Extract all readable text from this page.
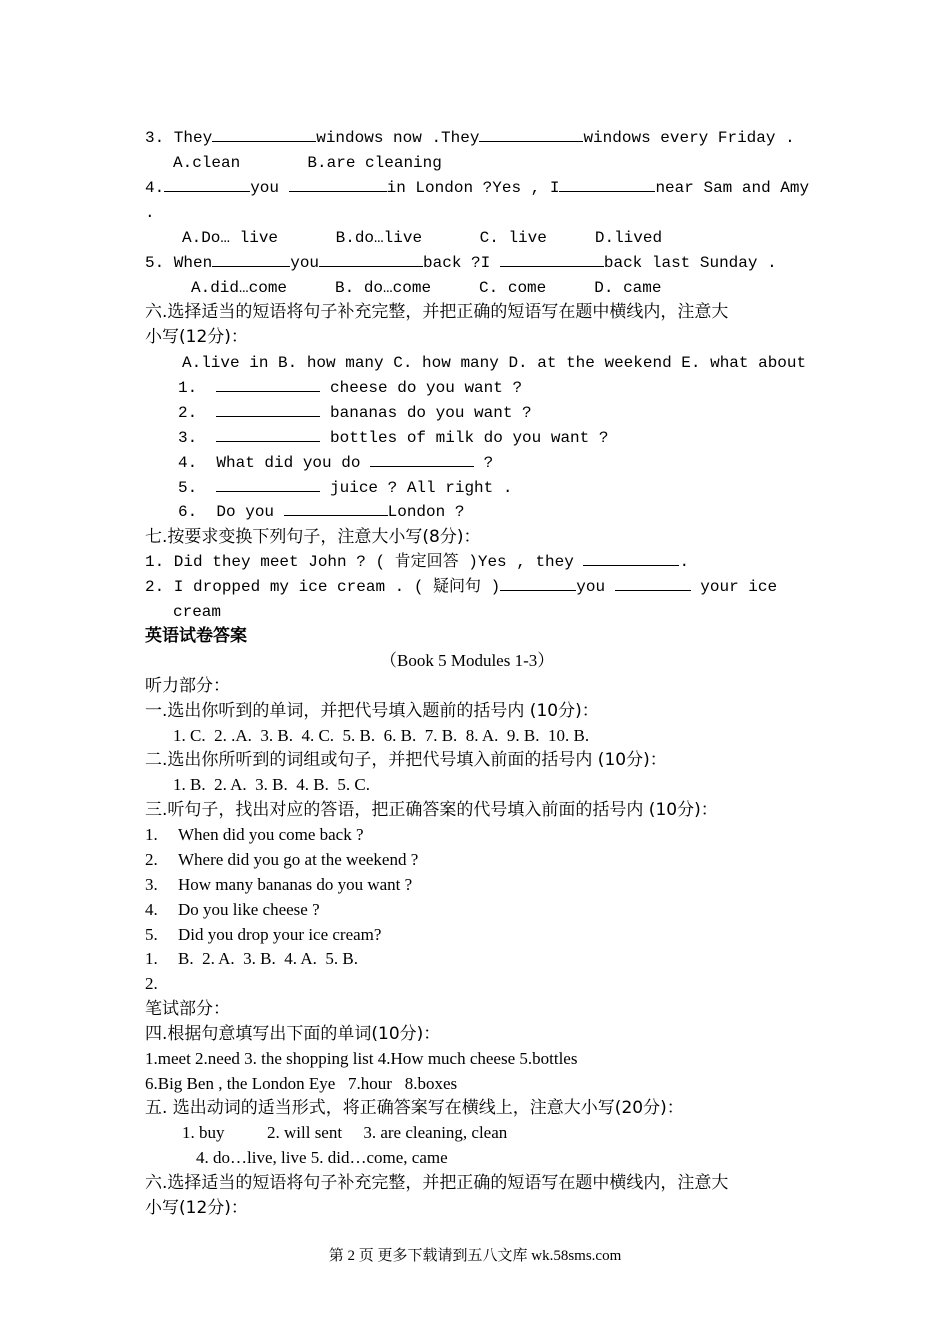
3. They	windows now .They	windows every Friday .
A.clean       B.are cleaning
4.	you	in London ?Yes , I	near Sam and Amy
.
A.Do… live      B.do…live      C. live     D.lived
5. When	you	back ?I	back last Sunday .
A.did…come     B. do…come     C. come     D. came
六.选择适当的短语将句子补充完整，并把正确的短语写在题中横线内，注意大
小写(12分)：
A.live in B. how many C. how many D. at the weekend E. what about
1.	cheese do you want ?
2.	bananas do you want ?
3.	bottles of milk do you want ?
4. What did you do	?
5.	juice ? All right .
6. Do you	London ?
七.按要求变换下列句子，注意大小写(8分)：
1. Did they meet John ? ( 肯定回答 )Yes , they	.
2. I dropped my ice cream . ( 疑问句 )	you	your ice
cream
英语试卷答案
（Book 5 Modules 1-3）
听力部分：
一.选出你听到的单词，并把代号填入题前的括号内 (10分)：
1. C.  2. .A.  3. B.  4. C.  5. B.  6. B.  7. B.  8. A.  9. B.  10. B.
二.选出你所听到的词组或句子，并把代号填入前面的括号内 (10分)：
1. B.  2. A.  3. B.  4. B.  5. C.
三.听句子，找出对应的答语，把正确答案的代号填入前面的括号内 (10分)：
1. When did you come back ?
2. Where did you go at the weekend ?
3. How many bananas do you want ?
4. Do you like cheese ?
5. Did you drop your ice cream?
1. B.  2. A.  3. B.  4. A.  5. B.
2.
笔试部分：
四.根据句意填写出下面的单词(10分)：
1.meet 2.need 3. the shopping list 4.How much cheese 5.bottles
6.Big Ben , the London Eye   7.hour   8.boxes
五. 选出动词的适当形式，将正确答案写在横线上，注意大小写(20分)：
1. buy          2. will sent     3. are cleaning, clean
4. do…live, live 5. did…come, came
六.选择适当的短语将句子补充完整，并把正确的短语写在题中横线内，注意大
小写(12分)：
第 2 页 更多下载请到五八文库 wk.58sms.com
